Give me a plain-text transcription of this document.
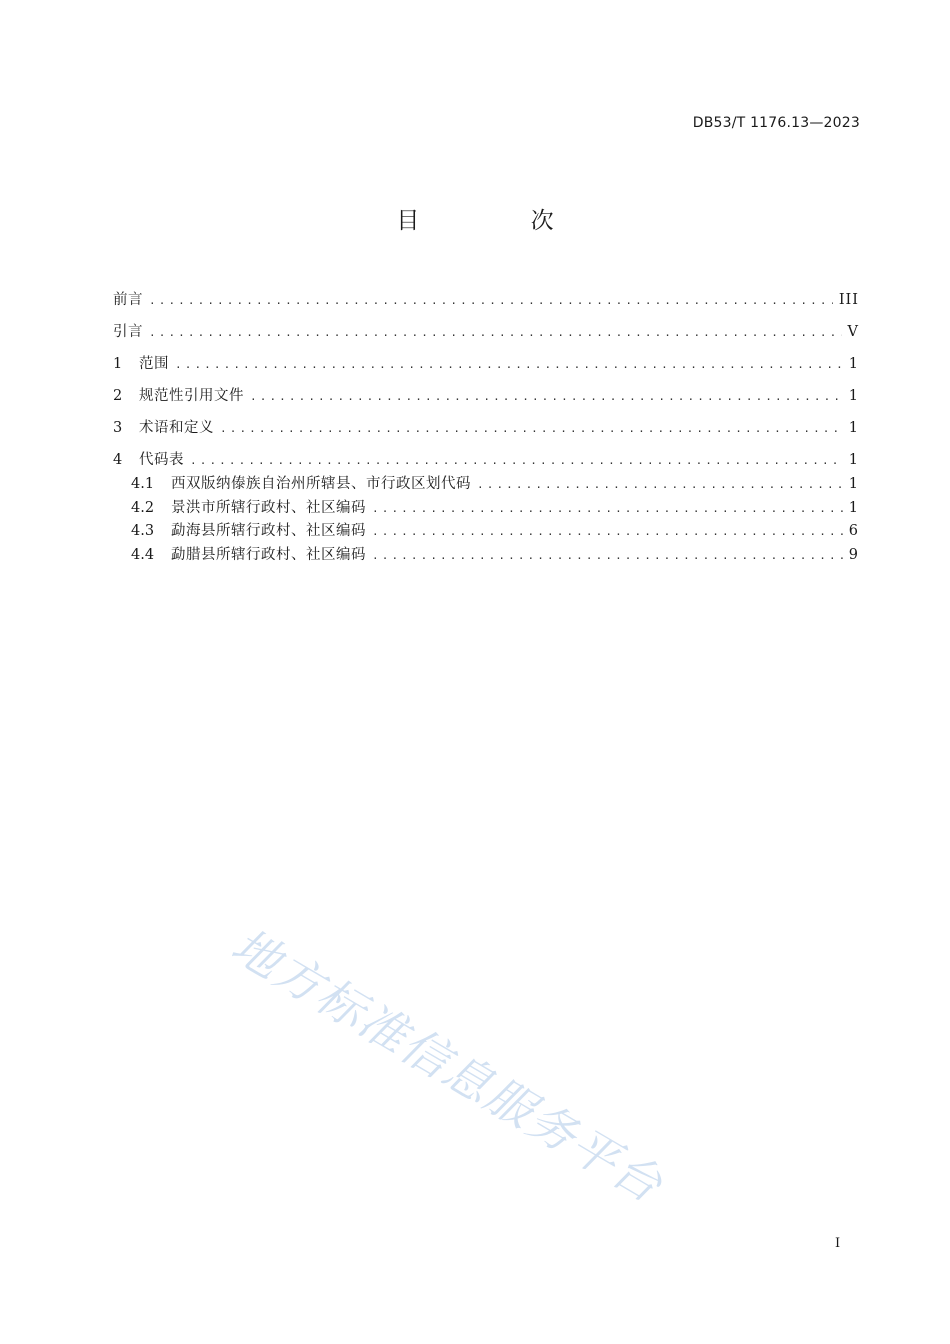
DB53/T 1176.13—2023
目 次
前言 .....	III
引言 .....	V
1	范围 .....	1
2	规范性引用文件 .....	1
3	术语和定义 .....	1
4	代码表 .....	1
4.1	西双版纳傣族自治州所辖县、市行政区划代码 .....	1
4.2	景洪市所辖行政村、社区编码 .....	1
4.3	勐海县所辖行政村、社区编码 .....	6
4.4	勐腊县所辖行政村、社区编码 .....	9
地方标准信息服务平台
I
